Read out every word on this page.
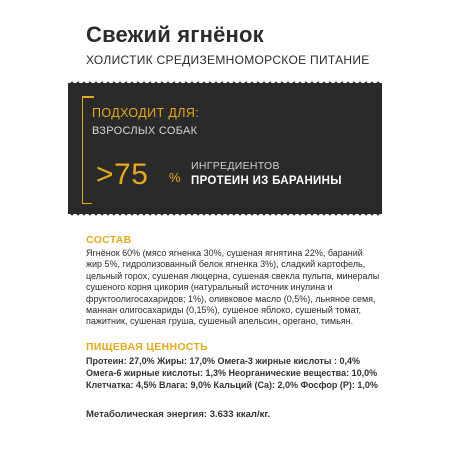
Свежий ягнёнок
ХОЛИСТИК СРЕДИЗЕМНОМОРСКОЕ ПИТАНИЕ
ПОДХОДИТ ДЛЯ:
ВЗРОСЛЫХ СОБАК
>75 %
ИНГРЕДИЕНТОВ
ПРОТЕИН ИЗ БАРАНИНЫ
СОСТАВ
Ягнёнок 60% (мясо ягненка 30%, сушеная ягнятина 22%, бараний жир 5%, гидролизованный белок ягненка 3%), сладкий картофель, цельный горох, сушеная люцерна, сушеная свекла пульпа, минералы сушеного корня цикория (натуральный источник инулина и фруктоолигосахаридов; 1%), оливковое масло (0,5%), льняное семя, маннан олигосахариды (0,15%), сушеное яблоко, сушеный томат, пажитник, сушеная груша, сушеный апельсин, орегано, тимьян.
ПИЩЕВАЯ ЦЕННОСТЬ
Протеин: 27,0% Жиры: 17,0% Омега-3 жирные кислоты : 0,4%
Омега-6 жирные кислоты: 1,3% Неорганические вещества: 10,0%
Клетчатка: 4,5% Влага: 9,0% Кальций (Ca): 2,0% Фосфор (P): 1,0%
Метаболическая энергия: 3.633 ккал/кг.
